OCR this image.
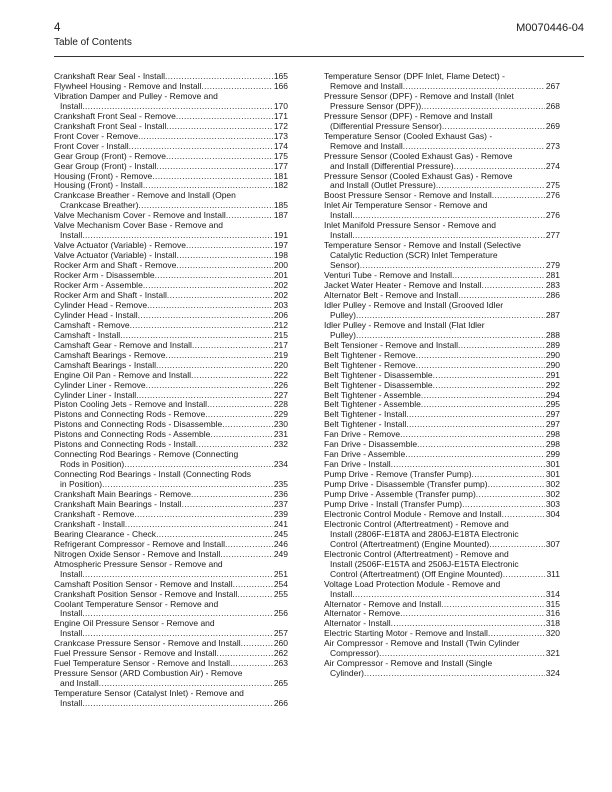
4	M0070446-04
Table of Contents
Crankshaft Rear Seal - Install . . .	165
Flywheel Housing - Remove and Install . . .	166
Vibration Damper and Pulley - Remove and
Install . . .	170
Crankshaft Front Seal - Remove . . .	171
Crankshaft Front Seal - Install . . .	172
Front Cover - Remove . . .	173
Front Cover - Install . . .	174
Gear Group (Front) - Remove . . .	175
Gear Group (Front) - Install . . .	177
Housing (Front) - Remove . . .	181
Housing (Front) - Install . . .	182
Crankcase Breather - Remove and Install (Open
Crankcase Breather) . . .	185
Valve Mechanism Cover - Remove and Install . . .	187
Valve Mechanism Cover Base - Remove and
Install . . .	191
Valve Actuator (Variable) - Remove . . .	197
Valve Actuator (Variable) - Install . . .	198
Rocker Arm and Shaft - Remove . . .	200
Rocker Arm - Disassemble . . .	201
Rocker Arm - Assemble . . .	202
Rocker Arm and Shaft - Install . . .	202
Cylinder Head - Remove . . .	203
Cylinder Head - Install . . .	206
Camshaft - Remove . . .	212
Camshaft - Install . . .	215
Camshaft Gear - Remove and Install . . .	217
Camshaft Bearings - Remove . . .	219
Camshaft Bearings - Install . . .	220
Engine Oil Pan - Remove and Install . . .	222
Cylinder Liner - Remove . . .	226
Cylinder Liner - Install . . .	227
Piston Cooling Jets - Remove and Install . . .	228
Pistons and Connecting Rods - Remove . . .	229
Pistons and Connecting Rods - Disassemble . . .	230
Pistons and Connecting Rods - Assemble . . .	231
Pistons and Connecting Rods - Install . . .	232
Connecting Rod Bearings - Remove (Connecting
Rods in Position) . . .	234
Connecting Rod Bearings - Install (Connecting Rods
in Position) . . .	235
Crankshaft Main Bearings - Remove . . .	236
Crankshaft Main Bearings - Install . . .	237
Crankshaft - Remove . . .	239
Crankshaft - Install . . .	241
Bearing Clearance - Check . . .	245
Refrigerant Compressor - Remove and Install . . .	246
Nitrogen Oxide Sensor - Remove and Install . . .	249
Atmospheric Pressure Sensor - Remove and
Install . . .	251
Camshaft Position Sensor - Remove and Install . . .	254
Crankshaft Position Sensor - Remove and Install . . .	255
Coolant Temperature Sensor - Remove and
Install . . .	256
Engine Oil Pressure Sensor - Remove and
Install . . .	257
Crankcase Pressure Sensor - Remove and Install . . .	260
Fuel Pressure Sensor - Remove and Install . . .	262
Fuel Temperature Sensor - Remove and Install . . .	263
Pressure Sensor (ARD Combustion Air) - Remove
and Install . . .	265
Temperature Sensor (Catalyst Inlet) - Remove and
Install . . .	266
Temperature Sensor (DPF Inlet, Flame Detect) -
Remove and Install . . .	267
Pressure Sensor (DPF) - Remove and Install (Inlet
Pressure Sensor (DPF)) . . .	268
Pressure Sensor (DPF) - Remove and Install
(Differential Pressure Sensor) . . .	269
Temperature Sensor (Cooled Exhaust Gas) -
Remove and Install . . .	273
Pressure Sensor (Cooled Exhaust Gas) - Remove
and Install (Differential Pressure) . . .	274
Pressure Sensor (Cooled Exhaust Gas) - Remove
and Install (Outlet Pressure) . . .	275
Boost Pressure Sensor - Remove and Install . . .	276
Inlet Air Temperature Sensor - Remove and
Install . . .	276
Inlet Manifold Pressure Sensor - Remove and
Install . . .	277
Temperature Sensor - Remove and Install (Selective
Catalytic Reduction (SCR) Inlet Temperature
Sensor) . . .	279
Venturi Tube - Remove and Install . . .	281
Jacket Water Heater - Remove and Install . . .	283
Alternator Belt - Remove and Install . . .	286
Idler Pulley - Remove and Install (Grooved Idler
Pulley) . . .	287
Idler Pulley - Remove and Install (Flat Idler
Pulley) . . .	288
Belt Tensioner - Remove and Install . . .	289
Belt Tightener - Remove . . .	290
Belt Tightener - Remove . . .	290
Belt Tightener - Disassemble . . .	291
Belt Tightener - Disassemble . . .	292
Belt Tightener - Assemble . . .	294
Belt Tightener - Assemble . . .	295
Belt Tightener - Install . . .	297
Belt Tightener - Install . . .	297
Fan Drive - Remove . . .	298
Fan Drive - Disassemble . . .	298
Fan Drive - Assemble . . .	299
Fan Drive - Install . . .	301
Pump Drive - Remove (Transfer Pump) . . .	301
Pump Drive - Disassemble (Transfer pump) . . .	302
Pump Drive - Assemble (Transfer pump) . . .	302
Pump Drive - Install (Transfer Pump) . . .	303
Electronic Control Module - Remove and Install . . .	304
Electronic Control (Aftertreatment) - Remove and
Install (2806F-E18TA and 2806J-E18TA Electronic
Control (Aftertreatment) (Engine Mounted) . . .	307
Electronic Control (Aftertreatment) - Remove and
Install (2506F-E15TA and 2506J-E15TA Electronic
Control (Aftertreatment) (Off Engine Mounted) . . .	311
Voltage Load Protection Module - Remove and
Install . . .	314
Alternator - Remove and Install . . .	315
Alternator - Remove . . .	316
Alternator - Install . . .	318
Electric Starting Motor - Remove and Install . . .	320
Air Compressor - Remove and Install (Twin Cylinder
Compressor) . . .	321
Air Compressor - Remove and Install (Single
Cylinder) . . .	324
